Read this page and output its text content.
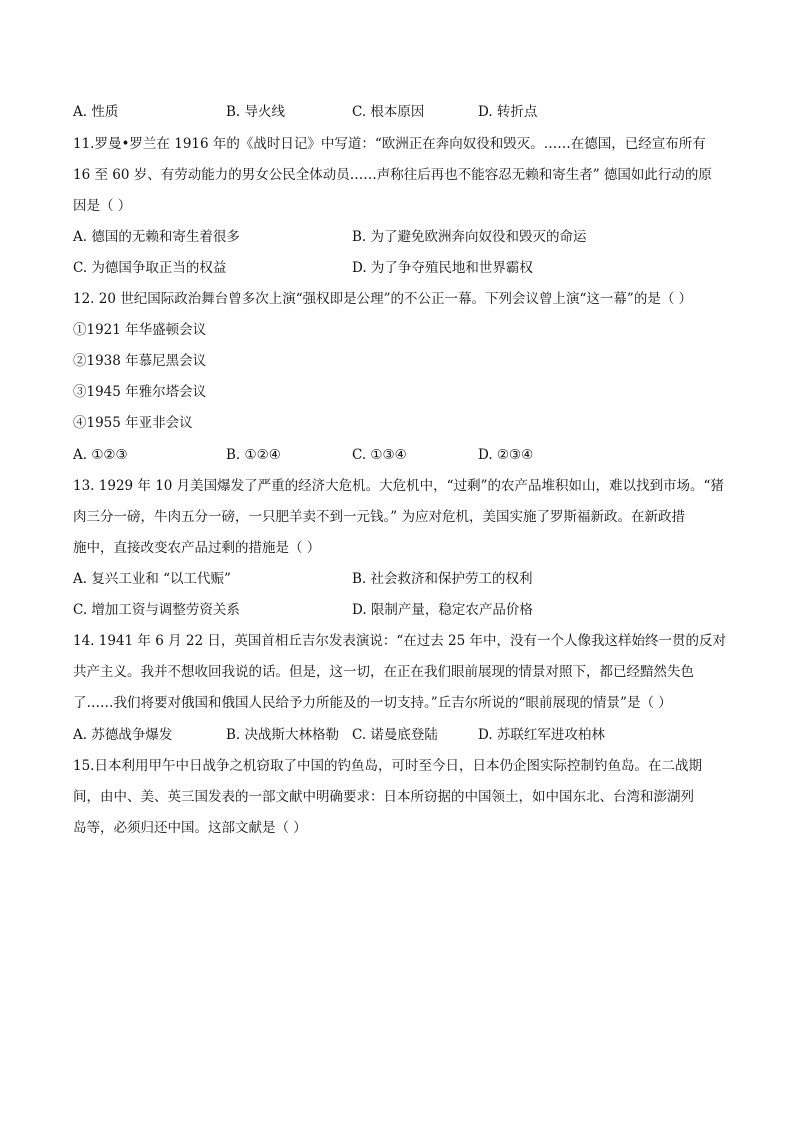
A. 性质	B. 导火线	C. 根本原因	D. 转折点
11.罗曼•罗兰在 1916 年的《战时日记》中写道：“欧洲正在奔向奴役和毁灭。……在德国，已经宣布所有
16 至 60 岁、有劳动能力的男女公民全体动员……声称往后再也不能容忍无赖和寄生者” 德国如此行动的原
因是（ ）
A. 德国的无赖和寄生着很多	B. 为了避免欧洲奔向奴役和毁灭的命运
C. 为德国争取正当的权益	D. 为了争夺殖民地和世界霸权
12. 20 世纪国际政治舞台曾多次上演“强权即是公理”的不公正一幕。下列会议曾上演“这一幕”的是（ ）
①1921 年华盛顿会议
②1938 年慕尼黑会议
③1945 年雅尔塔会议
④1955 年亚非会议
A. ①②③	B. ①②④	C. ①③④	D. ②③④
13. 1929 年 10 月美国爆发了严重的经济大危机。大危机中，“过剩”的农产品堆积如山，难以找到市场。“猪
肉三分一磅，牛肉五分一磅，一只肥羊卖不到一元钱。” 为应对危机，美国实施了罗斯福新政。在新政措
施中，直接改变农产品过剩的措施是（ ）
A. 复兴工业和 “以工代赈”	B. 社会救济和保护劳工的权利
C. 增加工资与调整劳资关系	D. 限制产量，稳定农产品价格
14. 1941 年 6 月 22 日，英国首相丘吉尔发表演说：“在过去 25 年中，没有一个人像我这样始终一贯的反对
共产主义。我并不想收回我说的话。但是，这一切，在正在我们眼前展现的情景对照下，都已经黯然失色
了……我们将要对俄国和俄国人民给予力所能及的一切支持。”丘吉尔所说的“眼前展现的情景”是（ ）
A. 苏德战争爆发	B. 决战斯大林格勒 C. 诺曼底登陆	D. 苏联红军进攻柏林
15.日本利用甲午中日战争之机窃取了中国的钓鱼岛，可时至今日，日本仍企图实际控制钓鱼岛。在二战期
间，由中、美、英三国发表的一部文献中明确要求：日本所窃据的中国领土，如中国东北、台湾和澎湖列
岛等，必须归还中国。这部文献是（ ）
